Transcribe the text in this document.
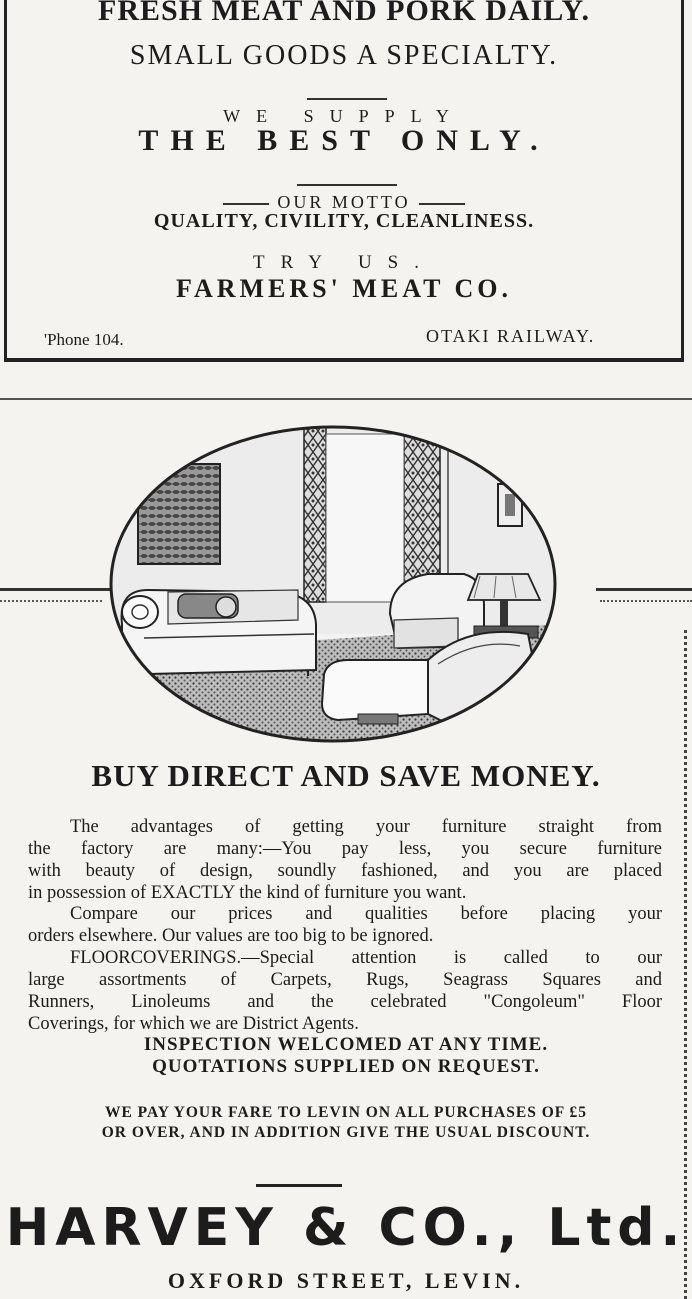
FRESH MEAT AND PORK DAILY.
SMALL GOODS A SPECIALTY.
WE SUPPLY
THE BEST ONLY.
OUR MOTTO
QUALITY, CIVILITY, CLEANLINESS.
TRY US.
FARMERS' MEAT CO.
'Phone 104.	OTAKI RAILWAY.
BUY DIRECT AND SAVE MONEY.
The advantages of getting your furniture straight from
the factory are many:—You pay less, you secure furniture
with beauty of design, soundly fashioned, and you are placed
in possession of EXACTLY the kind of furniture you want.
Compare our prices and qualities before placing your
orders elsewhere. Our values are too big to be ignored.
FLOORCOVERINGS.—Special attention is called to our
large assortments of Carpets, Rugs, Seagrass Squares and
Runners, Linoleums and the celebrated "Congoleum" Floor
Coverings, for which we are District Agents.
INSPECTION WELCOMED AT ANY TIME.
QUOTATIONS SUPPLIED ON REQUEST.
WE PAY YOUR FARE TO LEVIN ON ALL PURCHASES OF £5
OR OVER, AND IN ADDITION GIVE THE USUAL DISCOUNT.
HARVEY & CO., Ltd.
OXFORD STREET, LEVIN.
